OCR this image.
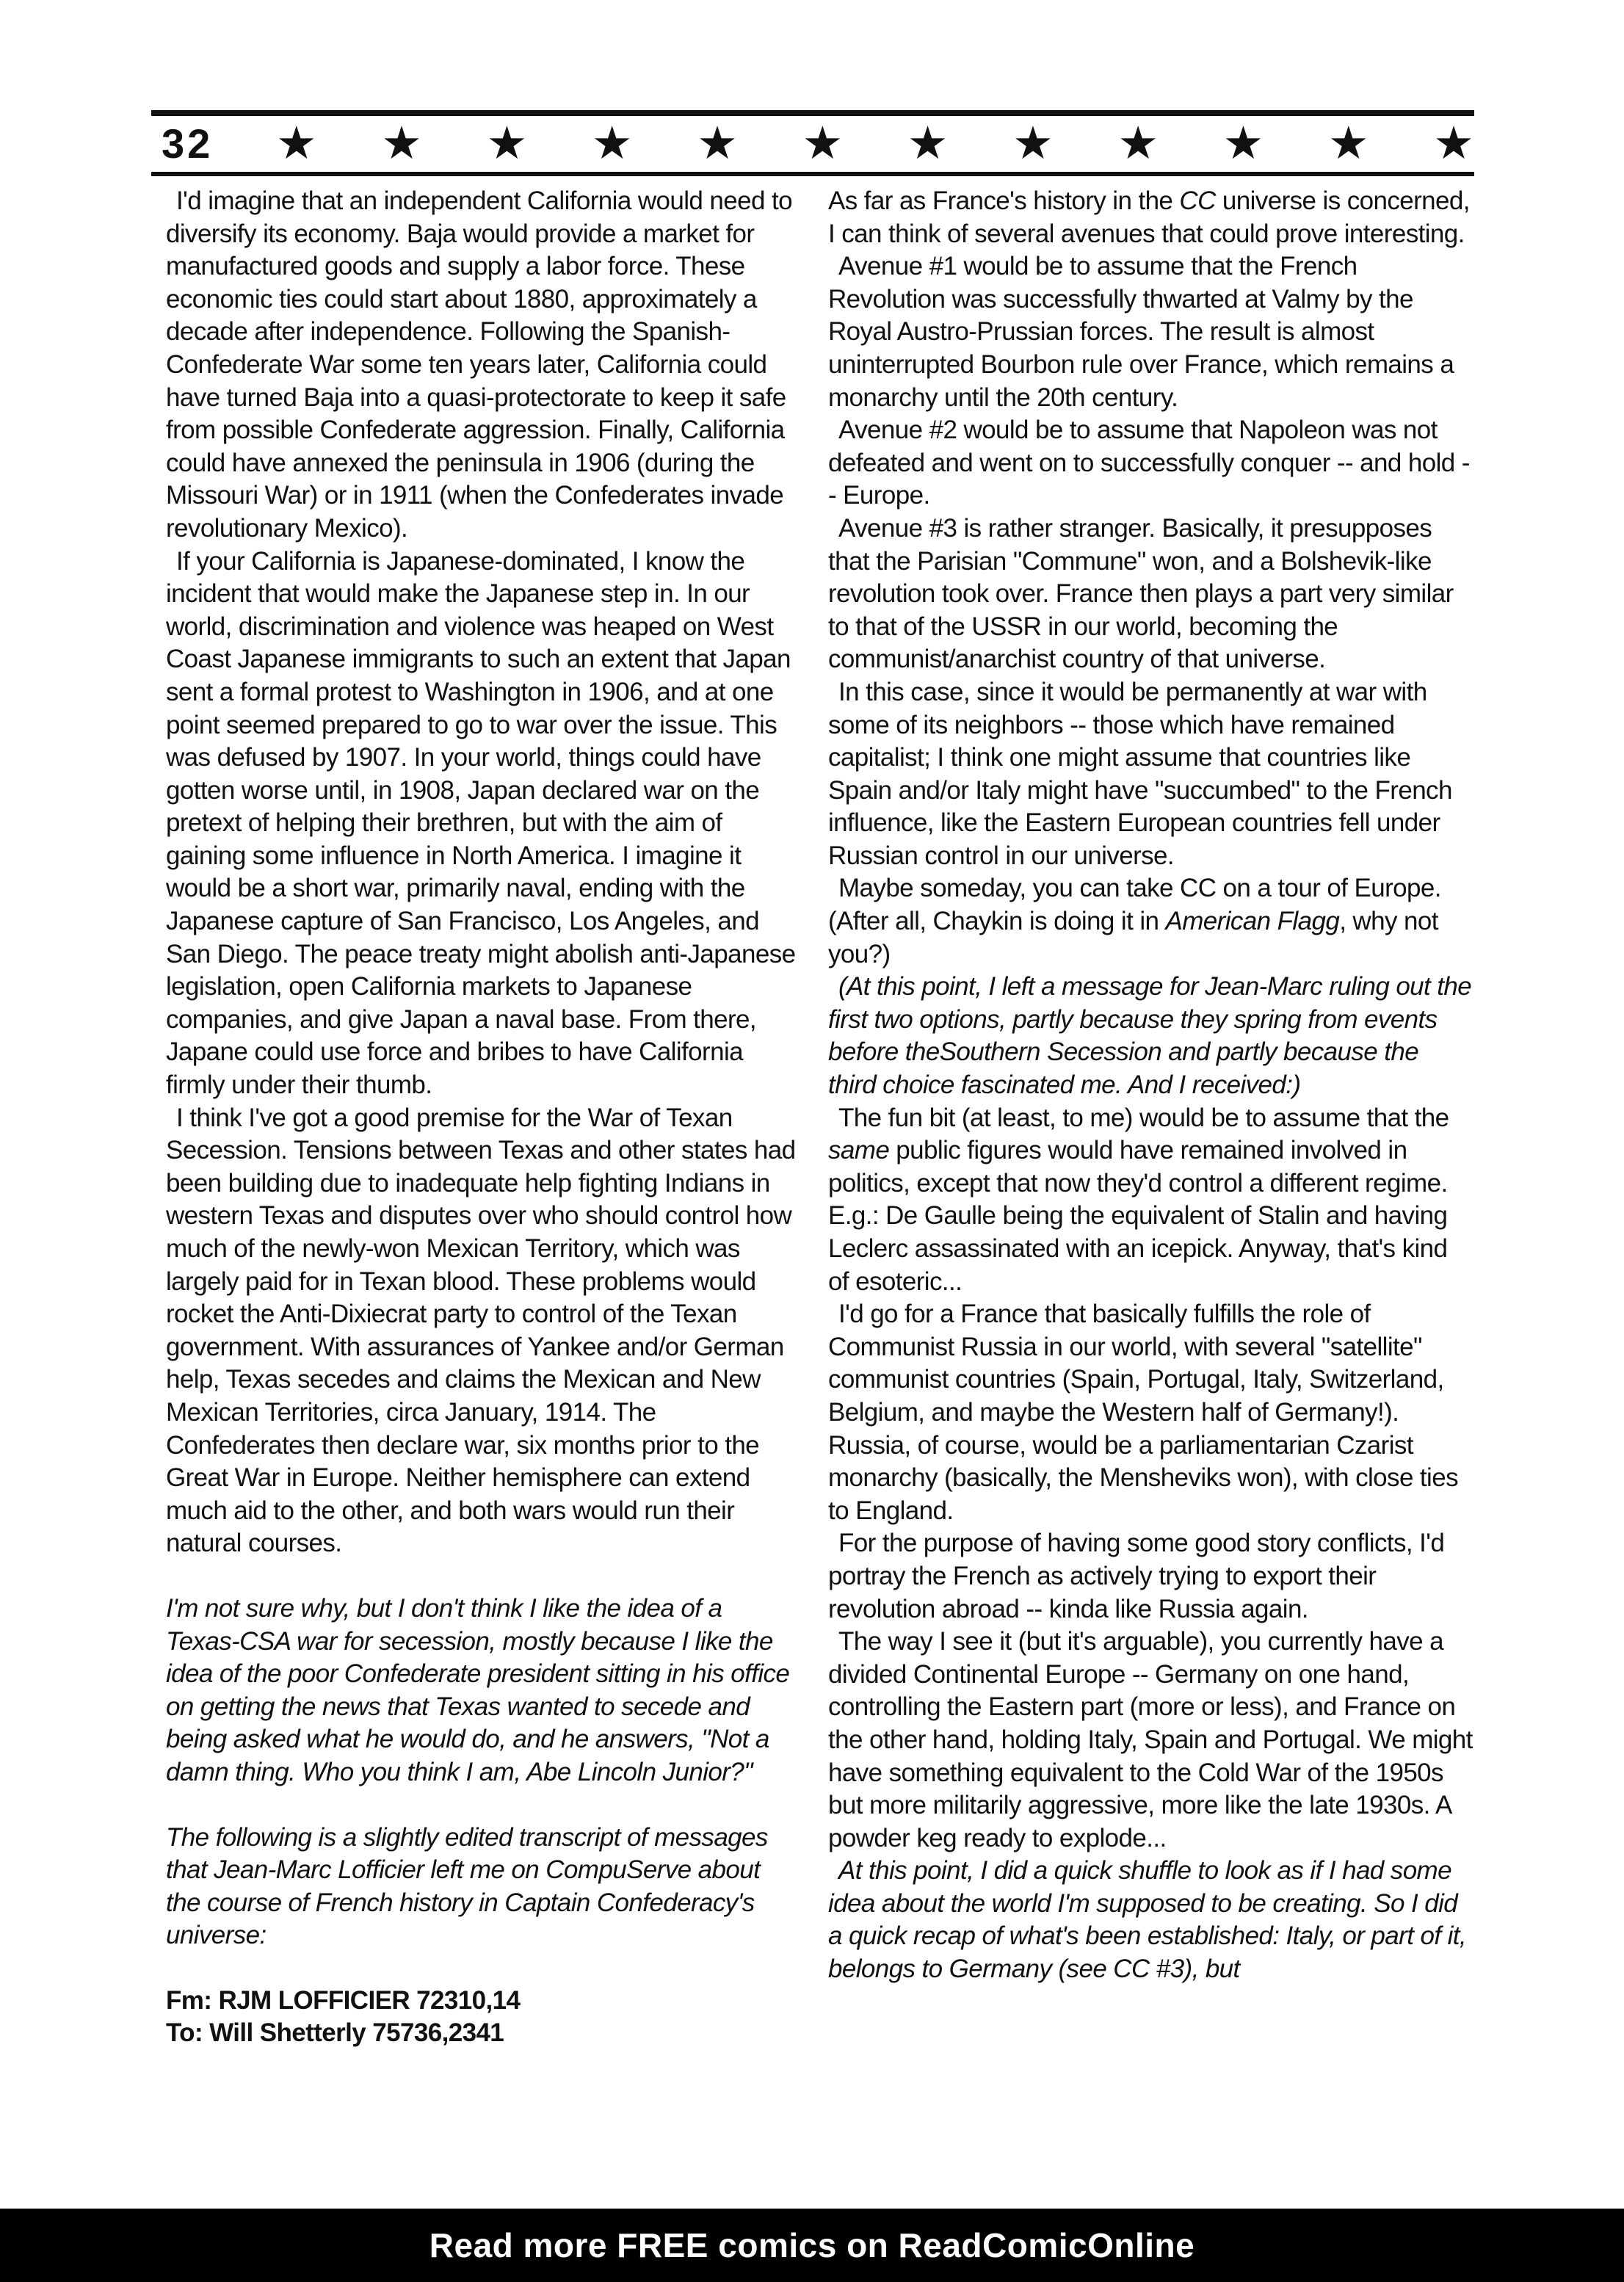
32 ★ ★ ★ ★ ★ ★ ★ ★ ★ ★ ★ ★

I'd imagine that an independent California would need to diversify its economy. Baja would provide a market for manufactured goods and supply a labor force. These economic ties could start about 1880, approximately a decade after independence. Following the Spanish-Confederate War some ten years later, California could have turned Baja into a quasi-protectorate to keep it safe from possible Confederate aggression. Finally, California could have annexed the peninsula in 1906 (during the Missouri War) or in 1911 (when the Confederates invade revolutionary Mexico).

If your California is Japanese-dominated, I know the incident that would make the Japanese step in. In our world, discrimination and violence was heaped on West Coast Japanese immigrants to such an extent that Japan sent a formal protest to Washington in 1906, and at one point seemed prepared to go to war over the issue. This was defused by 1907. In your world, things could have gotten worse until, in 1908, Japan declared war on the pretext of helping their brethren, but with the aim of gaining some influence in North America. I imagine it would be a short war, primarily naval, ending with the Japanese capture of San Francisco, Los Angeles, and San Diego. The peace treaty might abolish anti-Japanese legislation, open California markets to Japanese companies, and give Japan a naval base. From there, Japane could use force and bribes to have California firmly under their thumb.

I think I've got a good premise for the War of Texan Secession. Tensions between Texas and other states had been building due to inadequate help fighting Indians in western Texas and disputes over who should control how much of the newly-won Mexican Territory, which was largely paid for in Texan blood. These problems would rocket the Anti-Dixiecrat party to control of the Texan government. With assurances of Yankee and/or German help, Texas secedes and claims the Mexican and New Mexican Territories, circa January, 1914. The Confederates then declare war, six months prior to the Great War in Europe. Neither hemisphere can extend much aid to the other, and both wars would run their natural courses.

I'm not sure why, but I don't think I like the idea of a Texas-CSA war for secession, mostly because I like the idea of the poor Confederate president sitting in his office on getting the news that Texas wanted to secede and being asked what he would do, and he answers, "Not a damn thing. Who you think I am, Abe Lincoln Junior?"

The following is a slightly edited transcript of messages that Jean-Marc Lofficier left me on CompuServe about the course of French history in Captain Confederacy's universe:

Fm: RJM LOFFICIER 72310,14

To: Will Shetterly 75736,2341

As far as France's history in the CC universe is concerned, I can think of several avenues that could prove interesting.

Avenue #1 would be to assume that the French Revolution was successfully thwarted at Valmy by the Royal Austro-Prussian forces. The result is almost uninterrupted Bourbon rule over France, which remains a monarchy until the 20th century.

Avenue #2 would be to assume that Napoleon was not defeated and went on to successfully conquer -- and hold -- Europe.

Avenue #3 is rather stranger. Basically, it presupposes that the Parisian "Commune" won, and a Bolshevik-like revolution took over. France then plays a part very similar to that of the USSR in our world, becoming the communist/anarchist country of that universe.

In this case, since it would be permanently at war with some of its neighbors -- those which have remained capitalist; I think one might assume that countries like Spain and/or Italy might have "succumbed" to the French influence, like the Eastern European countries fell under Russian control in our universe.

Maybe someday, you can take CC on a tour of Europe. (After all, Chaykin is doing it in American Flagg, why not you?)

(At this point, I left a message for Jean-Marc ruling out the first two options, partly because they spring from events before theSouthern Secession and partly because the third choice fascinated me. And I received:)

The fun bit (at least, to me) would be to assume that the same public figures would have remained involved in politics, except that now they'd control a different regime. E.g.: De Gaulle being the equivalent of Stalin and having Leclerc assassinated with an icepick. Anyway, that's kind of esoteric...

I'd go for a France that basically fulfills the role of Communist Russia in our world, with several "satellite" communist countries (Spain, Portugal, Italy, Switzerland, Belgium, and maybe the Western half of Germany!). Russia, of course, would be a parliamentarian Czarist monarchy (basically, the Mensheviks won), with close ties to England.

For the purpose of having some good story conflicts, I'd portray the French as actively trying to export their revolution abroad -- kinda like Russia again.

The way I see it (but it's arguable), you currently have a divided Continental Europe -- Germany on one hand, controlling the Eastern part (more or less), and France on the other hand, holding Italy, Spain and Portugal. We might have something equivalent to the Cold War of the 1950s but more militarily aggressive, more like the late 1930s. A powder keg ready to explode...

At this point, I did a quick shuffle to look as if I had some idea about the world I'm supposed to be creating. So I did a quick recap of what's been established: Italy, or part of it, belongs to Germany (see CC #3), but

Read more FREE comics on ReadComicOnline
